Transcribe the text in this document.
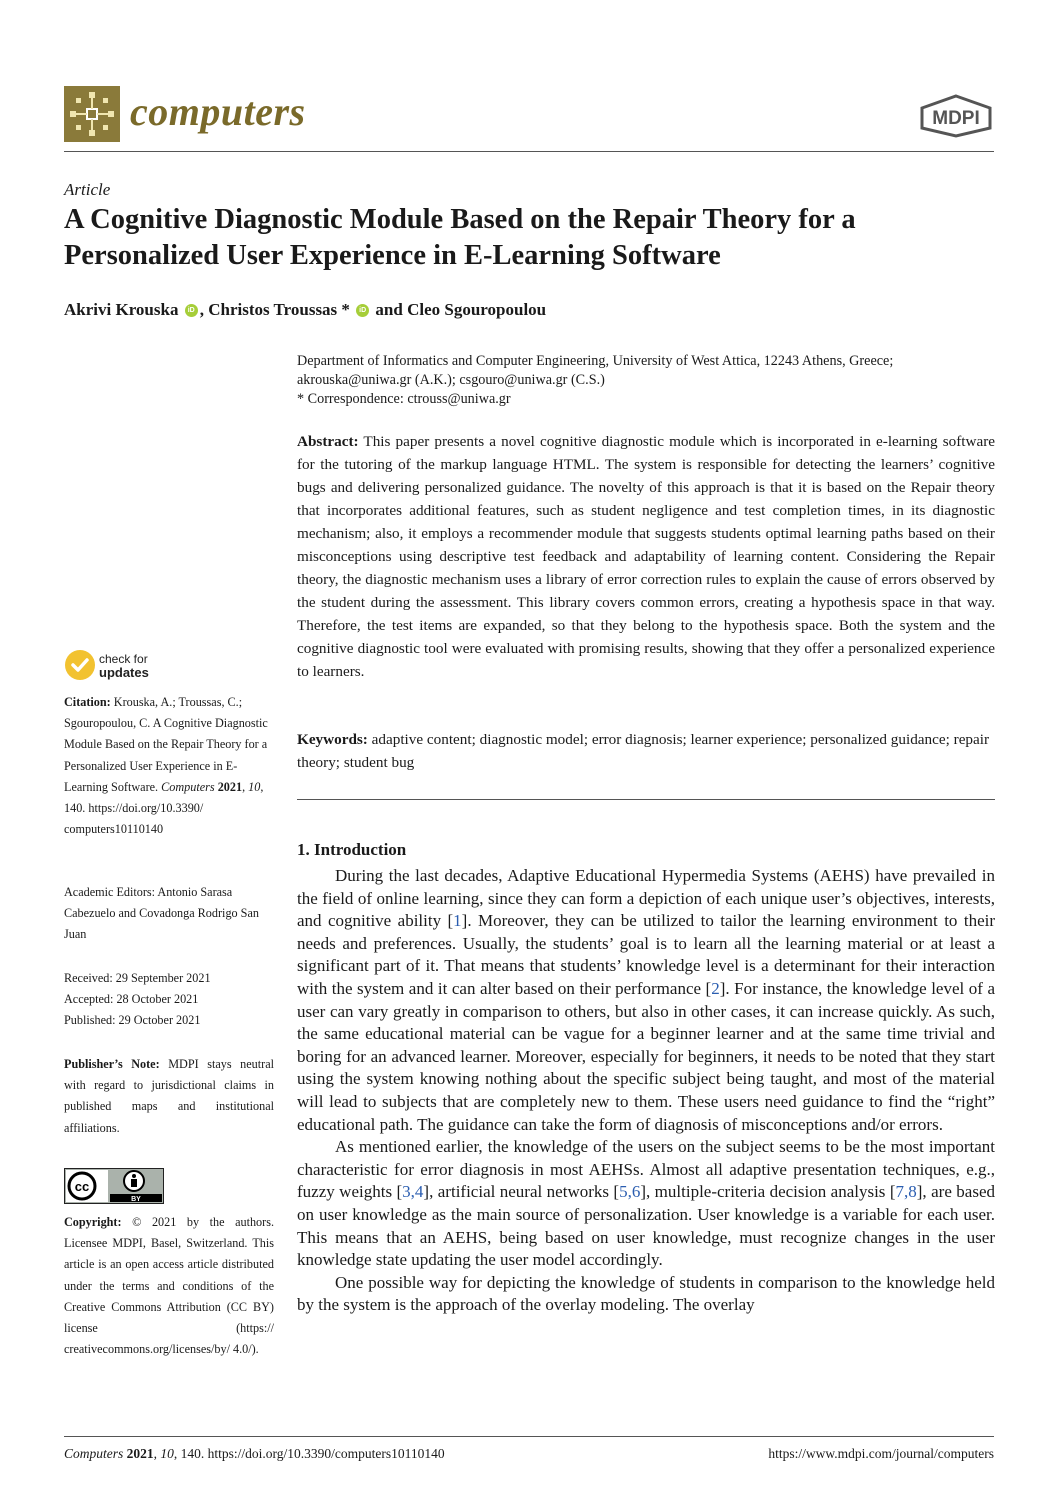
computers	MDPI
Article
A Cognitive Diagnostic Module Based on the Repair Theory for a Personalized User Experience in E-Learning Software
Akrivi Krouska iD , Christos Troussas * iD and Cleo Sgouropoulou
Department of Informatics and Computer Engineering, University of West Attica, 12243 Athens, Greece;
akrouska@uniwa.gr (A.K.); csgouro@uniwa.gr (C.S.)
* Correspondence: ctrouss@uniwa.gr

Abstract: This paper presents a novel cognitive diagnostic module which is incorporated in e-learning software for the tutoring of the markup language HTML. The system is responsible for detecting the learners’ cognitive bugs and delivering personalized guidance. The novelty of this approach is that it is based on the Repair theory that incorporates additional features, such as student negligence and test completion times, in its diagnostic mechanism; also, it employs a recommender module that suggests students optimal learning paths based on their misconceptions using descriptive test feedback and adaptability of learning content. Considering the Repair theory, the diagnostic mechanism uses a library of error correction rules to explain the cause of errors observed by the student during the assessment. This library covers common errors, creating a hypothesis space in that way. Therefore, the test items are expanded, so that they belong to the hypothesis space. Both the system and the cognitive diagnostic tool were evaluated with promising results, showing that they offer a personalized experience to learners.

Keywords: adaptive content; diagnostic model; error diagnosis; learner experience; personalized guidance; repair theory; student bug

1. Introduction

During the last decades, Adaptive Educational Hypermedia Systems (AEHS) have prevailed in the field of online learning, since they can form a depiction of each unique user’s objectives, interests, and cognitive ability [1]. Moreover, they can be utilized to tailor the learning environment to their needs and preferences. Usually, the students’ goal is to learn all the learning material or at least a significant part of it. That means that students’ knowledge level is a determinant for their interaction with the system and it can alter based on their performance [2]. For instance, the knowledge level of a user can vary greatly in comparison to others, but also in other cases, it can increase quickly. As such, the same educational material can be vague for a beginner learner and at the same time trivial and boring for an advanced learner. Moreover, especially for beginners, it needs to be noted that they start using the system knowing nothing about the specific subject being taught, and most of the material will lead to subjects that are completely new to them. These users need guidance to find the “right” educational path. The guidance can take the form of diagnosis of misconceptions and/or errors.

As mentioned earlier, the knowledge of the users on the subject seems to be the most important characteristic for error diagnosis in most AEHSs. Almost all adaptive presentation techniques, e.g., fuzzy weights [3,4], artificial neural networks [5,6], multiple-criteria decision analysis [7,8], are based on user knowledge as the main source of personalization. User knowledge is a variable for each user. This means that an AEHS, being based on user knowledge, must recognize changes in the user knowledge state updating the user model accordingly.

One possible way for depicting the knowledge of students in comparison to the knowledge held by the system is the approach of the overlay modeling. The overlay

check for
updates

Citation: Krouska, A.; Troussas, C.; Sgouropoulou, C. A Cognitive Diagnostic Module Based on the Repair Theory for a Personalized User Experience in E-Learning Software. Computers 2021, 10, 140. https://doi.org/10.3390/ computers10110140

Academic Editors: Antonio Sarasa Cabezuelo and Covadonga Rodrigo San Juan
Received: 29 September 2021
Accepted: 28 October 2021
Published: 29 October 2021

Publisher’s Note: MDPI stays neutral with regard to jurisdictional claims in published maps and institutional affiliations.

cc
BY

Copyright: © 2021 by the authors. Licensee MDPI, Basel, Switzerland. This article is an open access article distributed under the terms and conditions of the Creative Commons Attribution (CC BY) license (https:// creativecommons.org/licenses/by/ 4.0/).

Computers 2021, 10, 140. https://doi.org/10.3390/computers10110140	https://www.mdpi.com/journal/computers
